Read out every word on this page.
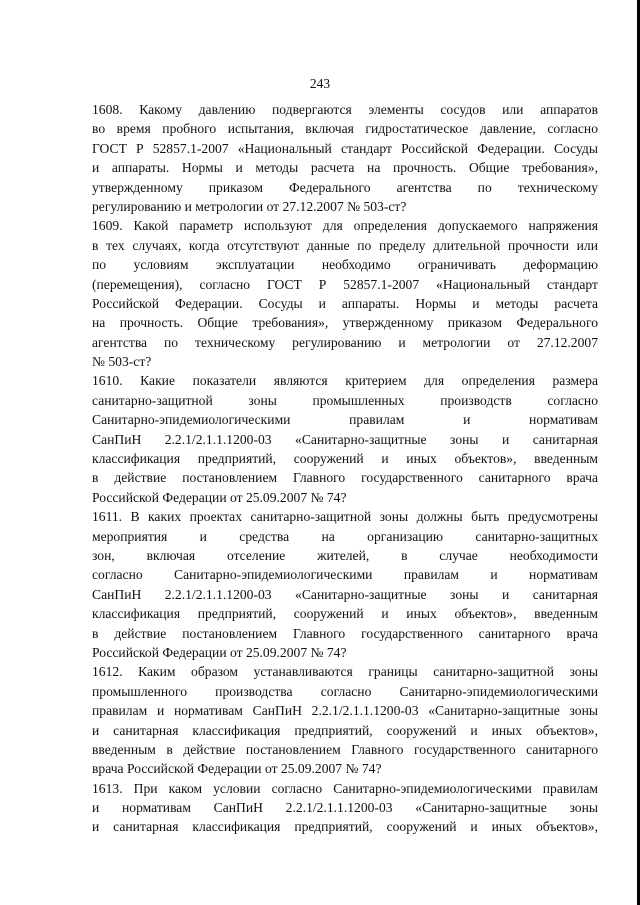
243

1608. Какому давлению подвергаются элементы сосудов или аппаратов
во время пробного испытания, включая гидростатическое давление, согласно
ГОСТ Р 52857.1-2007 «Национальный стандарт Российской Федерации. Сосуды
и аппараты. Нормы и методы расчета на прочность. Общие требования»,
утвержденному приказом Федерального агентства по техническому
регулированию и метрологии от 27.12.2007 № 503-ст?

1609. Какой параметр используют для определения допускаемого напряжения
в тех случаях, когда отсутствуют данные по пределу длительной прочности или
по условиям эксплуатации необходимо ограничивать деформацию
(перемещения), согласно ГОСТ Р 52857.1-2007 «Национальный стандарт
Российской Федерации. Сосуды и аппараты. Нормы и методы расчета
на прочность. Общие требования», утвержденному приказом Федерального
агентства по техническому регулированию и метрологии от 27.12.2007
№ 503-ст?

1610. Какие показатели являются критерием для определения размера
санитарно-защитной зоны промышленных производств согласно
Санитарно-эпидемиологическими правилам и нормативам
СанПиН 2.2.1/2.1.1.1200-03 «Санитарно-защитные зоны и санитарная
классификация предприятий, сооружений и иных объектов», введенным
в действие постановлением Главного государственного санитарного врача
Российской Федерации от 25.09.2007 № 74?

1611. В каких проектах санитарно-защитной зоны должны быть предусмотрены
мероприятия и средства на организацию санитарно-защитных
зон, включая отселение жителей, в случае необходимости
согласно Санитарно-эпидемиологическими правилам и нормативам
СанПиН 2.2.1/2.1.1.1200-03 «Санитарно-защитные зоны и санитарная
классификация предприятий, сооружений и иных объектов», введенным
в действие постановлением Главного государственного санитарного врача
Российской Федерации от 25.09.2007 № 74?

1612. Каким образом устанавливаются границы санитарно-защитной зоны
промышленного производства согласно Санитарно-эпидемиологическими
правилам и нормативам СанПиН 2.2.1/2.1.1.1200-03 «Санитарно-защитные зоны
и санитарная классификация предприятий, сооружений и иных объектов»,
введенным в действие постановлением Главного государственного санитарного
врача Российской Федерации от 25.09.2007 № 74?

1613. При каком условии согласно Санитарно-эпидемиологическими правилам
и нормативам СанПиН 2.2.1/2.1.1.1200-03 «Санитарно-защитные зоны
и санитарная классификация предприятий, сооружений и иных объектов»,
